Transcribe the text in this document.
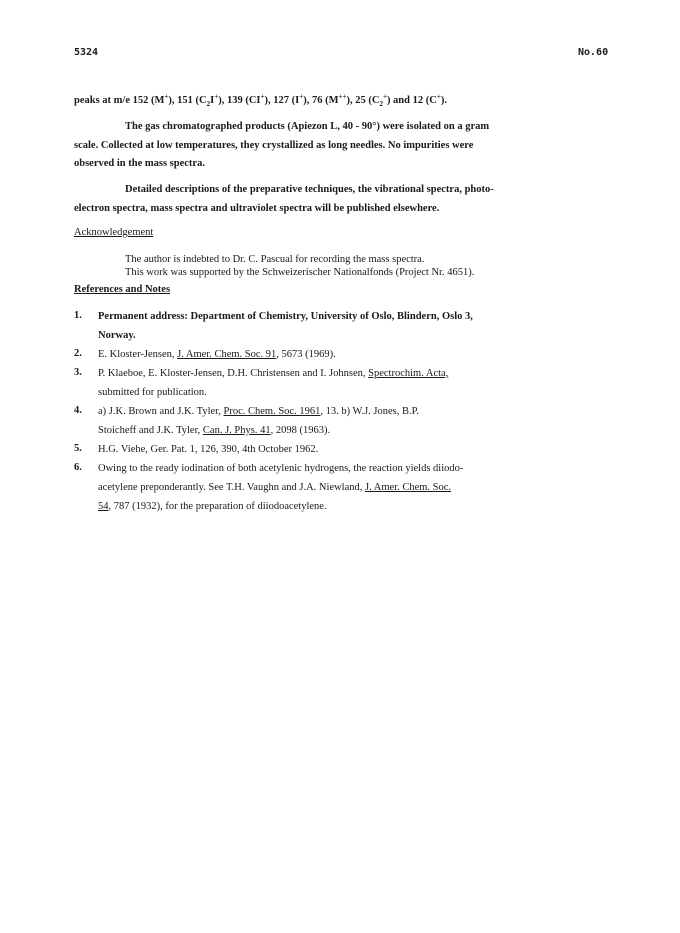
5324	No.60
peaks at m/e 152 (M+), 151 $(C_2I^+)$, 139 (CI+), 127 (I+), 76 (M++), 25 $(C_2^+)$ and 12 (C+).
The gas chromatographed products (Apiezon L, 40 - 90°) were isolated on a gram
scale. Collected at low temperatures, they crystallized as long needles. No impurities were
observed in the mass spectra.
Detailed descriptions of the preparative techniques, the vibrational spectra, photo-
electron spectra, mass spectra and ultraviolet spectra will be published elsewhere.
Acknowledgement
The author is indebted to Dr. C. Pascual for recording the mass spectra.
This work was supported by the Schweizerischer Nationalfonds (Project Nr. 4651).
References and Notes
1.	Permanent address: Department of Chemistry, University of Oslo, Blindern, Oslo 3,
Norway.
2.	E. Kloster-Jensen, J. Amer. Chem. Soc. 91, 5673 (1969).
3.	P. Klaeboe, E. Kloster-Jensen, D.H. Christensen and I. Johnsen, Spectrochim. Acta,
submitted for publication.
4.	a) J.K. Brown and J.K. Tyler, Proc. Chem. Soc. 1961, 13. b) W.J. Jones, B.P.
Stoicheff and J.K. Tyler, Can. J. Phys. 41, 2098 (1963).
5.	H.G. Viehe, Ger. Pat. 1, 126, 390, 4th October 1962.
6.	Owing to the ready iodination of both acetylenic hydrogens, the reaction yields diiodo-
acetylene preponderantly. See T.H. Vaughn and J.A. Niewland, J. Amer. Chem. Soc.
54, 787 (1932), for the preparation of diiodoacetylene.
